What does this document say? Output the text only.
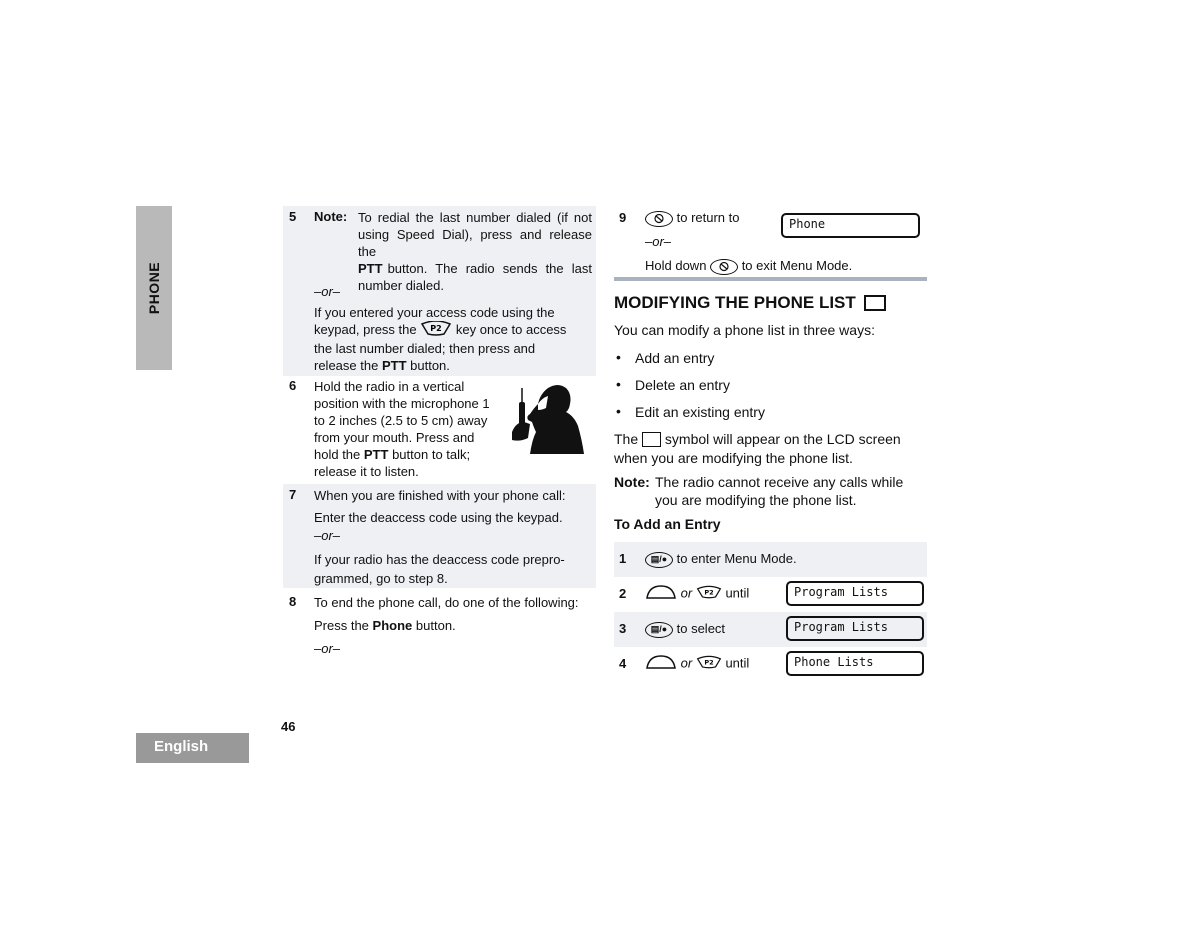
PHONE
English
46
5 Note: To redial the last number dialed (if not
using Speed Dial), press and release the
PTT button. The radio sends the last
number dialed.
–or–
If you entered your access code using the
keypad, press the P2 key once to access
the last number dialed; then press and
release the PTT button.
6 Hold the radio in a vertical
position with the microphone 1
to 2 inches (2.5 to 5 cm) away
from your mouth. Press and
hold the PTT button to talk;
release it to listen.
7 When you are finished with your phone call:
Enter the deaccess code using the keypad.
–or–
If your radio has the deaccess code prepro-
grammed, go to step 8.
8 To end the phone call, do one of the following:
Press the Phone button.
–or–
9	to return to	Phone
–or–
Hold down	to exit Menu Mode.
MODIFYING THE PHONE LIST
You can modify a phone list in three ways:
• Add an entry
• Delete an entry
• Edit an existing entry
The symbol will appear on the LCD screen
when you are modifying the phone list.
Note: The radio cannot receive any calls while
you are modifying the phone list.
To Add an Entry
1	▤/● to enter Menu Mode.
2	or P2 until	Program Lists
3	▤/● to select	Program Lists
4	or P2 until	Phone Lists
